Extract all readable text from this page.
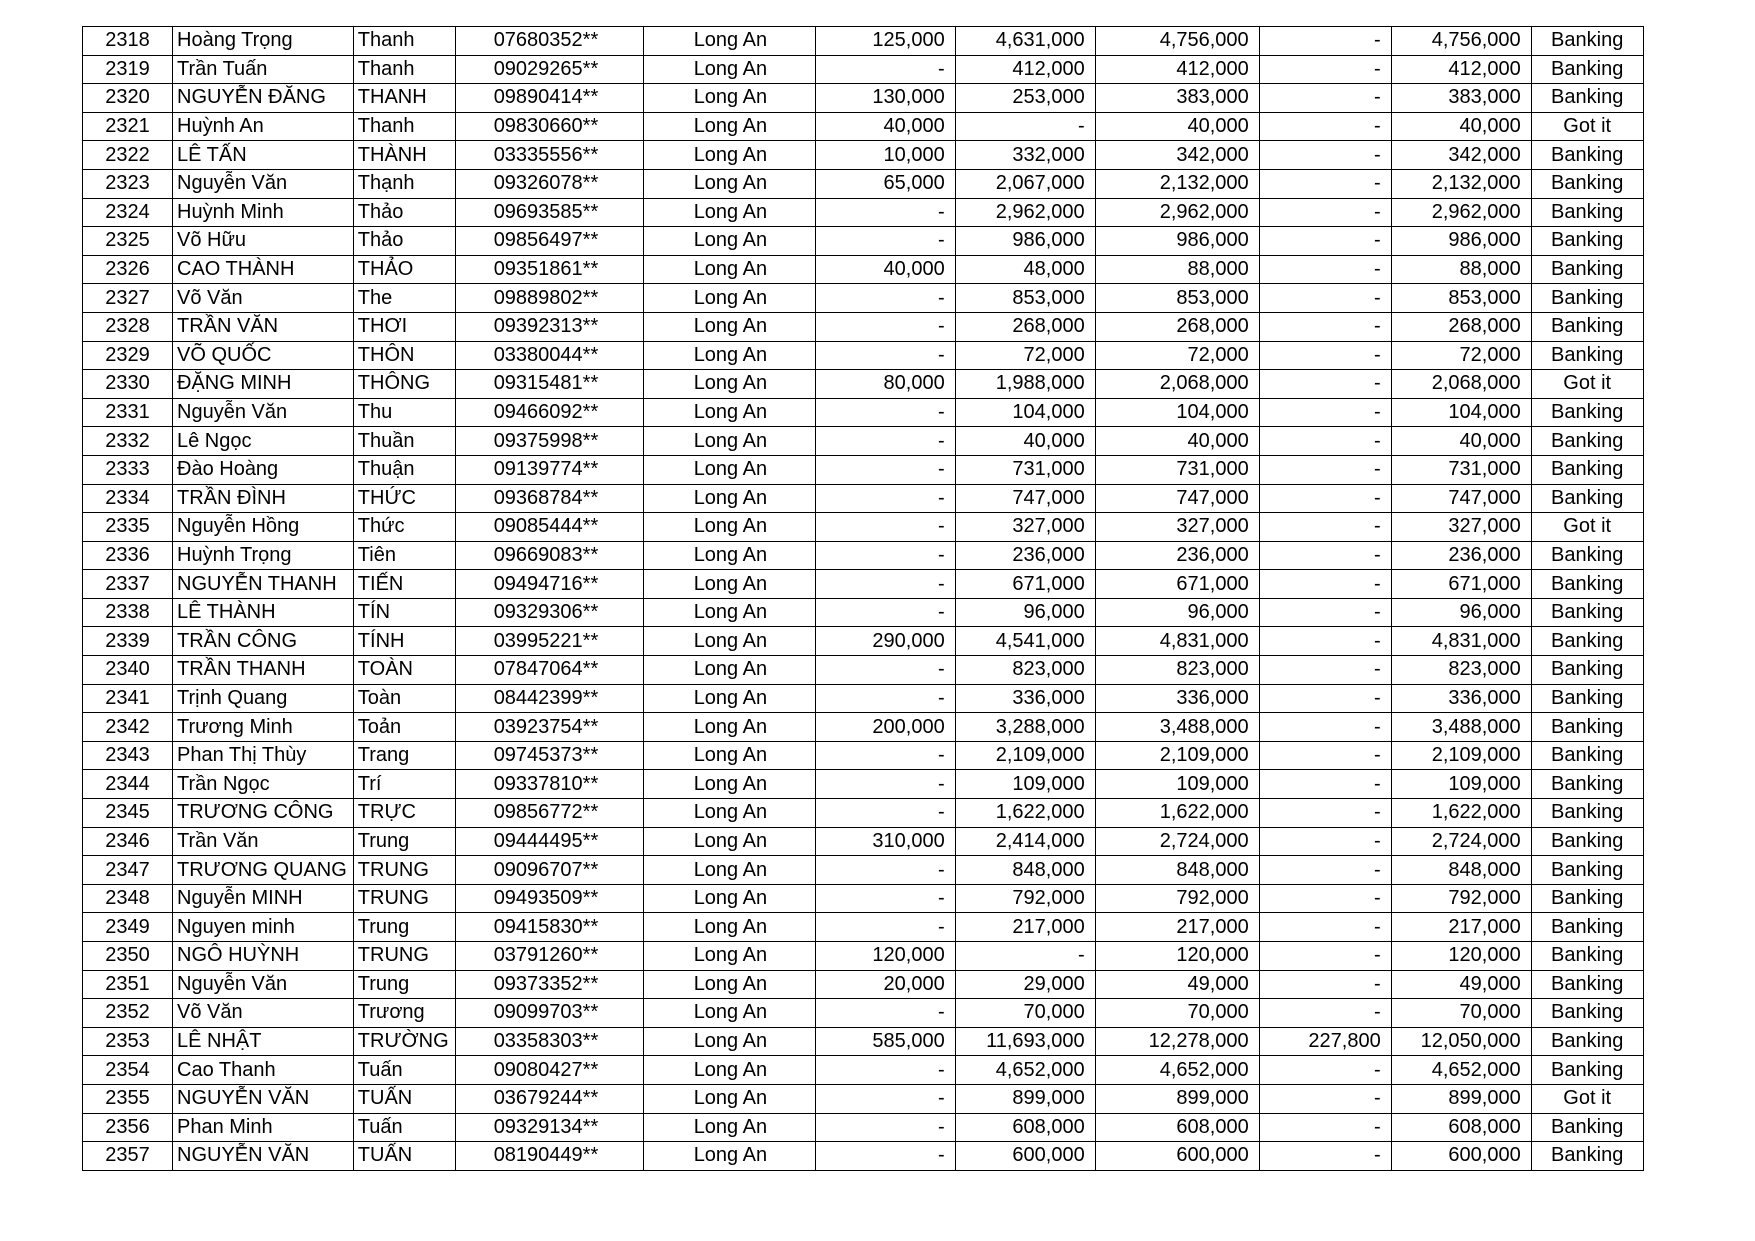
2318	Hoàng Trọng	Thanh	07680352**	Long An	125,000	4,631,000	4,756,000	-	4,756,000	Banking
2319	Trần Tuấn	Thanh	09029265**	Long An	-	412,000	412,000	-	412,000	Banking
2320	NGUYỄN ĐĂNG	THANH	09890414**	Long An	130,000	253,000	383,000	-	383,000	Banking
2321	Huỳnh An	Thanh	09830660**	Long An	40,000	-	40,000	-	40,000	Got it
2322	LÊ TẤN	THÀNH	03335556**	Long An	10,000	332,000	342,000	-	342,000	Banking
2323	Nguyễn Văn	Thạnh	09326078**	Long An	65,000	2,067,000	2,132,000	-	2,132,000	Banking
2324	Huỳnh Minh	Thảo	09693585**	Long An	-	2,962,000	2,962,000	-	2,962,000	Banking
2325	Võ Hữu	Thảo	09856497**	Long An	-	986,000	986,000	-	986,000	Banking
2326	CAO THÀNH	THẢO	09351861**	Long An	40,000	48,000	88,000	-	88,000	Banking
2327	Võ Văn	The	09889802**	Long An	-	853,000	853,000	-	853,000	Banking
2328	TRẦN VĂN	THƠI	09392313**	Long An	-	268,000	268,000	-	268,000	Banking
2329	VÕ QUỐC	THÔN	03380044**	Long An	-	72,000	72,000	-	72,000	Banking
2330	ĐẶNG MINH	THÔNG	09315481**	Long An	80,000	1,988,000	2,068,000	-	2,068,000	Got it
2331	Nguyễn Văn	Thu	09466092**	Long An	-	104,000	104,000	-	104,000	Banking
2332	Lê Ngọc	Thuần	09375998**	Long An	-	40,000	40,000	-	40,000	Banking
2333	Đào Hoàng	Thuận	09139774**	Long An	-	731,000	731,000	-	731,000	Banking
2334	TRẦN ĐÌNH	THỨC	09368784**	Long An	-	747,000	747,000	-	747,000	Banking
2335	Nguyễn Hồng	Thức	09085444**	Long An	-	327,000	327,000	-	327,000	Got it
2336	Huỳnh Trọng	Tiên	09669083**	Long An	-	236,000	236,000	-	236,000	Banking
2337	NGUYỄN THANH	TIẾN	09494716**	Long An	-	671,000	671,000	-	671,000	Banking
2338	LÊ THÀNH	TÍN	09329306**	Long An	-	96,000	96,000	-	96,000	Banking
2339	TRẦN CÔNG	TÍNH	03995221**	Long An	290,000	4,541,000	4,831,000	-	4,831,000	Banking
2340	TRẦN THANH	TOÀN	07847064**	Long An	-	823,000	823,000	-	823,000	Banking
2341	Trịnh Quang	Toàn	08442399**	Long An	-	336,000	336,000	-	336,000	Banking
2342	Trương Minh	Toản	03923754**	Long An	200,000	3,288,000	3,488,000	-	3,488,000	Banking
2343	Phan Thị Thùy	Trang	09745373**	Long An	-	2,109,000	2,109,000	-	2,109,000	Banking
2344	Trần Ngọc	Trí	09337810**	Long An	-	109,000	109,000	-	109,000	Banking
2345	TRƯƠNG CÔNG	TRỰC	09856772**	Long An	-	1,622,000	1,622,000	-	1,622,000	Banking
2346	Trần Văn	Trung	09444495**	Long An	310,000	2,414,000	2,724,000	-	2,724,000	Banking
2347	TRƯƠNG QUANG	TRUNG	09096707**	Long An	-	848,000	848,000	-	848,000	Banking
2348	Nguyễn MINH	TRUNG	09493509**	Long An	-	792,000	792,000	-	792,000	Banking
2349	Nguyen minh	Trung	09415830**	Long An	-	217,000	217,000	-	217,000	Banking
2350	NGÔ HUỲNH	TRUNG	03791260**	Long An	120,000	-	120,000	-	120,000	Banking
2351	Nguyễn Văn	Trung	09373352**	Long An	20,000	29,000	49,000	-	49,000	Banking
2352	Võ Văn	Trương	09099703**	Long An	-	70,000	70,000	-	70,000	Banking
2353	LÊ NHẬT	TRƯỜNG	03358303**	Long An	585,000	11,693,000	12,278,000	227,800	12,050,000	Banking
2354	Cao Thanh	Tuấn	09080427**	Long An	-	4,652,000	4,652,000	-	4,652,000	Banking
2355	NGUYỄN VĂN	TUẤN	03679244**	Long An	-	899,000	899,000	-	899,000	Got it
2356	Phan Minh	Tuấn	09329134**	Long An	-	608,000	608,000	-	608,000	Banking
2357	NGUYỄN VĂN	TUẤN	08190449**	Long An	-	600,000	600,000	-	600,000	Banking
